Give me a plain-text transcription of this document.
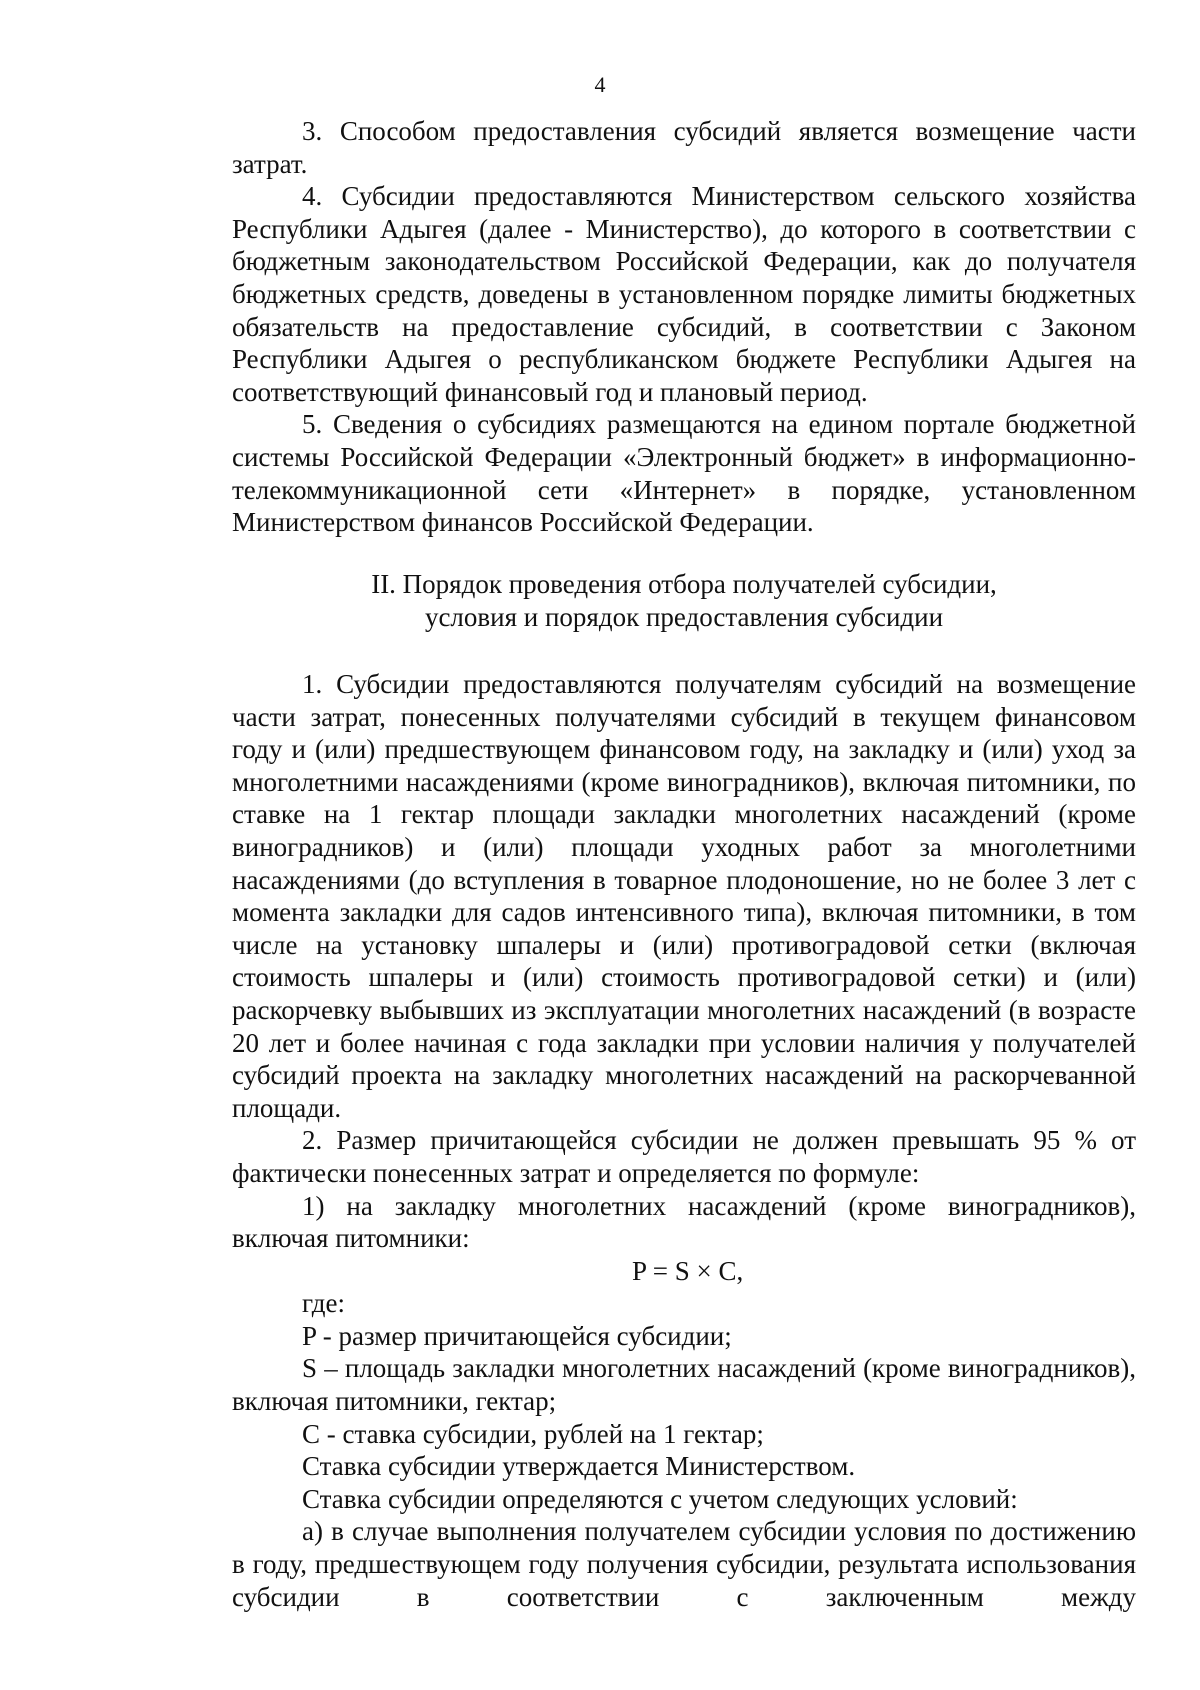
4

3. Способом предоставления субсидий является возмещение части затрат.

4. Субсидии предоставляются Министерством сельского хозяйства Республики Адыгея (далее - Министерство), до которого в соответствии с бюджетным законодательством Российской Федерации, как до получателя бюджетных средств, доведены в установленном порядке лимиты бюджетных обязательств на предоставление субсидий, в соответствии с Законом Республики Адыгея о республиканском бюджете Республики Адыгея на соответствующий финансовый год и плановый период.

5. Сведения о субсидиях размещаются на едином портале бюджетной системы Российской Федерации «Электронный бюджет» в информационно-телекоммуникационной сети «Интернет» в порядке, установленном Министерством финансов Российской Федерации.

II. Порядок проведения отбора получателей субсидии,

условия и порядок предоставления субсидии

1. Субсидии предоставляются получателям субсидий на возмещение части затрат, понесенных получателями субсидий в текущем финансовом году и (или) предшествующем финансовом году, на закладку и (или) уход за многолетними насаждениями (кроме виноградников), включая питомники, по ставке на 1 гектар площади закладки многолетних насаждений (кроме виноградников) и (или) площади уходных работ за многолетними насаждениями (до вступления в товарное плодоношение, но не более 3 лет с момента закладки для садов интенсивного типа), включая питомники, в том числе на установку шпалеры и (или) противоградовой сетки (включая стоимость шпалеры и (или) стоимость противоградовой сетки) и (или) раскорчевку выбывших из эксплуатации многолетних насаждений (в возрасте 20 лет и более начиная с года закладки при условии наличия у получателей субсидий проекта на закладку многолетних насаждений на раскорчеванной площади.

2. Размер причитающейся субсидии не должен превышать 95 % от фактически понесенных затрат и определяется по формуле:

1) на закладку многолетних насаждений (кроме виноградников), включая питомники:

P = S × C,

где:

P - размер причитающейся субсидии;

S – площадь закладки многолетних насаждений (кроме виноградников), включая питомники, гектар;

C - ставка субсидии, рублей на 1 гектар;

Ставка субсидии утверждается Министерством.

Ставка субсидии определяются с учетом следующих условий:

а) в случае выполнения получателем субсидии условия по достижению в году, предшествующем году получения субсидии, результата использования субсидии в соответствии с заключенным между
